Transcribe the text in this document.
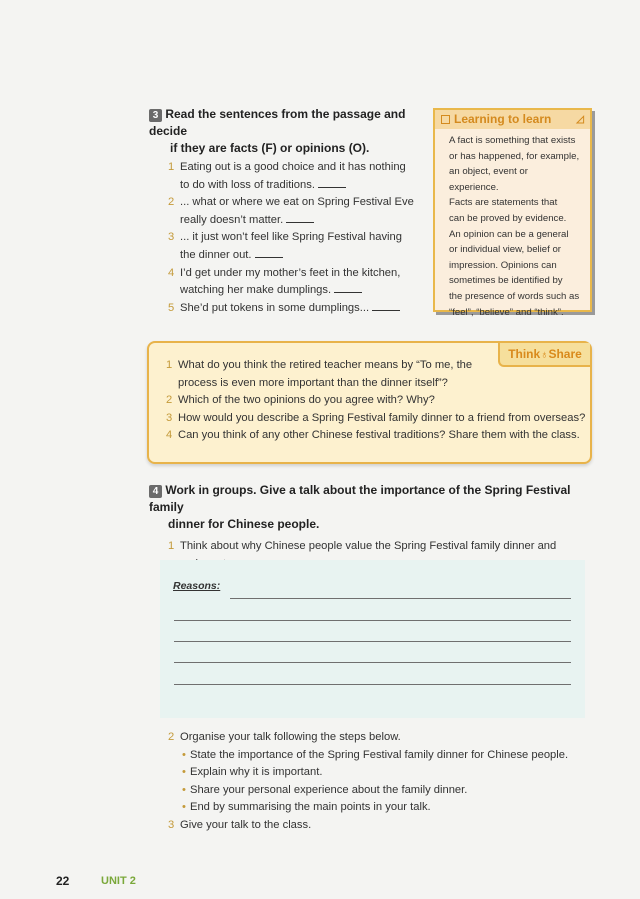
3 Read the sentences from the passage and decide
if they are facts (F) or opinions (O).
1 Eating out is a good choice and it has nothing
to do with loss of traditions.
2 ... what or where we eat on Spring Festival Eve
really doesn’t matter.
3 ... it just won’t feel like Spring Festival having
the dinner out.
4 I’d get under my mother’s feet in the kitchen,
watching her make dumplings.
5 She’d put tokens in some dumplings...
Learning to learn ◿
A fact is something that exists
or has happened, for example,
an object, event or experience.
Facts are statements that
can be proved by evidence.
An opinion can be a general
or individual view, belief or
impression. Opinions can
sometimes be identified by
the presence of words such as
“feel”, “believe” and “think”.
Think♁Share
1 What do you think the retired teacher means by “To me, the
process is even more important than the dinner itself”?
2 Which of the two opinions do you agree with? Why?
3 How would you describe a Spring Festival family dinner to a friend from overseas?
4 Can you think of any other Chinese festival traditions? Share them with the class.
4 Work in groups. Give a talk about the importance of the Spring Festival family
dinner for Chinese people.
1 Think about why Chinese people value the Spring Festival family dinner and
Reasons:
2 Organise your talk following the steps below.
• State the importance of the Spring Festival family dinner for Chinese people.
• Explain why it is important.
• Share your personal experience about the family dinner.
• End by summarising the main points in your talk.
3 Give your talk to the class.
22	UNIT 2
